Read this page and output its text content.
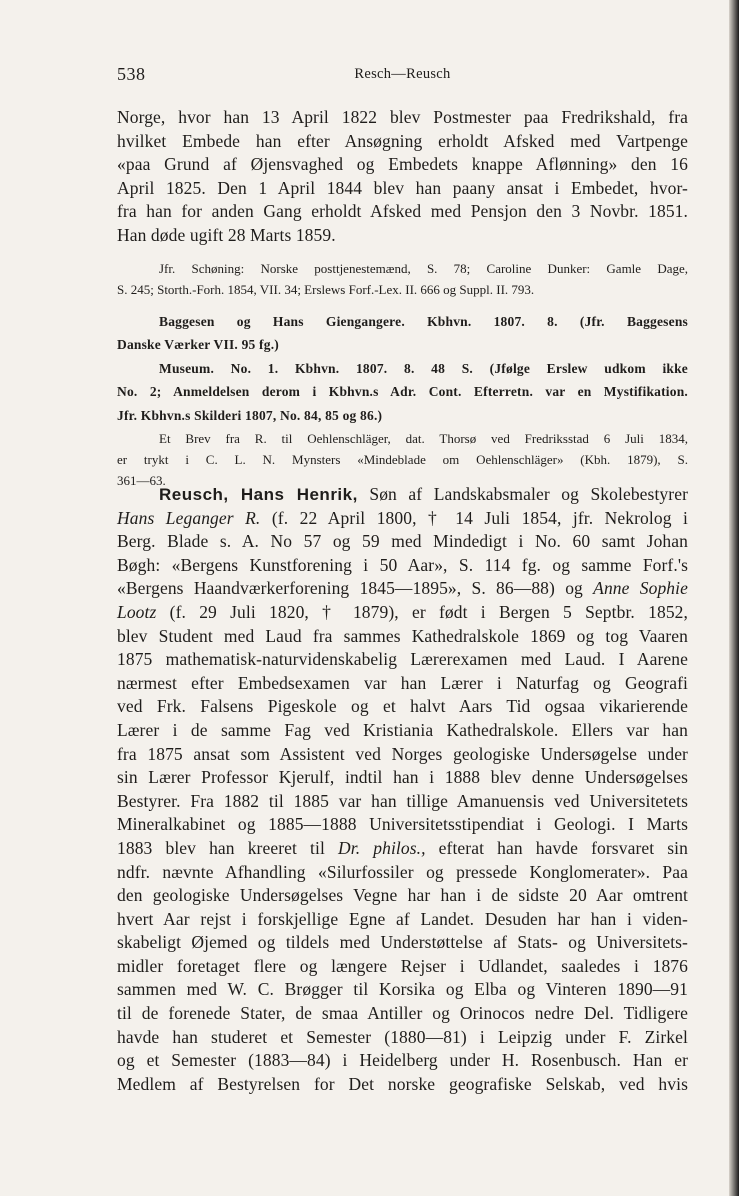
538	Resch—Reusch
Norge, hvor han 13 April 1822 blev Postmester paa Fredrikshald, fra
hvilket Embede han efter Ansøgning erholdt Afsked med Vartpenge
«paa Grund af Øjensvaghed og Embedets knappe Aflønning» den 16
April 1825. Den 1 April 1844 blev han paany ansat i Embedet, hvor-
fra han for anden Gang erholdt Afsked med Pensjon den 3 Novbr. 1851.
Han døde ugift 28 Marts 1859.
Jfr. Schøning: Norske posttjenestemænd, S. 78; Caroline Dunker: Gamle Dage,
S. 245; Storth.-Forh. 1854, VII. 34; Erslews Forf.-Lex. II. 666 og Suppl. II. 793.
Baggesen og Hans Giengangere. Kbhvn. 1807. 8. (Jfr. Baggesens
Danske Værker VII. 95 fg.)
Museum. No. 1. Kbhvn. 1807. 8. 48 S. (Jfølge Erslew udkom ikke
No. 2; Anmeldelsen derom i Kbhvn.s Adr. Cont. Efterretn. var en Mystifikation.
Jfr. Kbhvn.s Skilderi 1807, No. 84, 85 og 86.)
Et Brev fra R. til Oehlenschläger, dat. Thorsø ved Fredriksstad 6 Juli 1834,
er trykt i C. L. N. Mynsters «Mindeblade om Oehlenschläger» (Kbh. 1879), S.
361—63.
Reusch, Hans Henrik, Søn af Landskabsmaler og Skolebestyrer
Hans Leganger R. (f. 22 April 1800, † 14 Juli 1854, jfr. Nekrolog i
Berg. Blade s. A. No 57 og 59 med Mindedigt i No. 60 samt Johan
Bøgh: «Bergens Kunstforening i 50 Aar», S. 114 fg. og samme Forf.'s
«Bergens Haandværkerforening 1845—1895», S. 86—88) og Anne Sophie
Lootz (f. 29 Juli 1820, † 1879), er født i Bergen 5 Septbr. 1852,
blev Student med Laud fra sammes Kathedralskole 1869 og tog Vaaren
1875 mathematisk-naturvidenskabelig Lærerexamen med Laud. I Aarene
nærmest efter Embedsexamen var han Lærer i Naturfag og Geografi
ved Frk. Falsens Pigeskole og et halvt Aars Tid ogsaa vikarierende
Lærer i de samme Fag ved Kristiania Kathedralskole. Ellers var han
fra 1875 ansat som Assistent ved Norges geologiske Undersøgelse under
sin Lærer Professor Kjerulf, indtil han i 1888 blev denne Undersøgelses
Bestyrer. Fra 1882 til 1885 var han tillige Amanuensis ved Universitetets
Mineralkabinet og 1885—1888 Universitetsstipendiat i Geologi. I Marts
1883 blev han kreeret til Dr. philos., efterat han havde forsvaret sin
ndfr. nævnte Afhandling «Silurfossiler og pressede Konglomerater». Paa
den geologiske Undersøgelses Vegne har han i de sidste 20 Aar omtrent
hvert Aar rejst i forskjellige Egne af Landet. Desuden har han i viden-
skabeligt Øjemed og tildels med Understøttelse af Stats- og Universitets-
midler foretaget flere og længere Rejser i Udlandet, saaledes i 1876
sammen med W. C. Brøgger til Korsika og Elba og Vinteren 1890—91
til de forenede Stater, de smaa Antiller og Orinocos nedre Del. Tidligere
havde han studeret et Semester (1880—81) i Leipzig under F. Zirkel
og et Semester (1883—84) i Heidelberg under H. Rosenbusch. Han er
Medlem af Bestyrelsen for Det norske geografiske Selskab, ved hvis
